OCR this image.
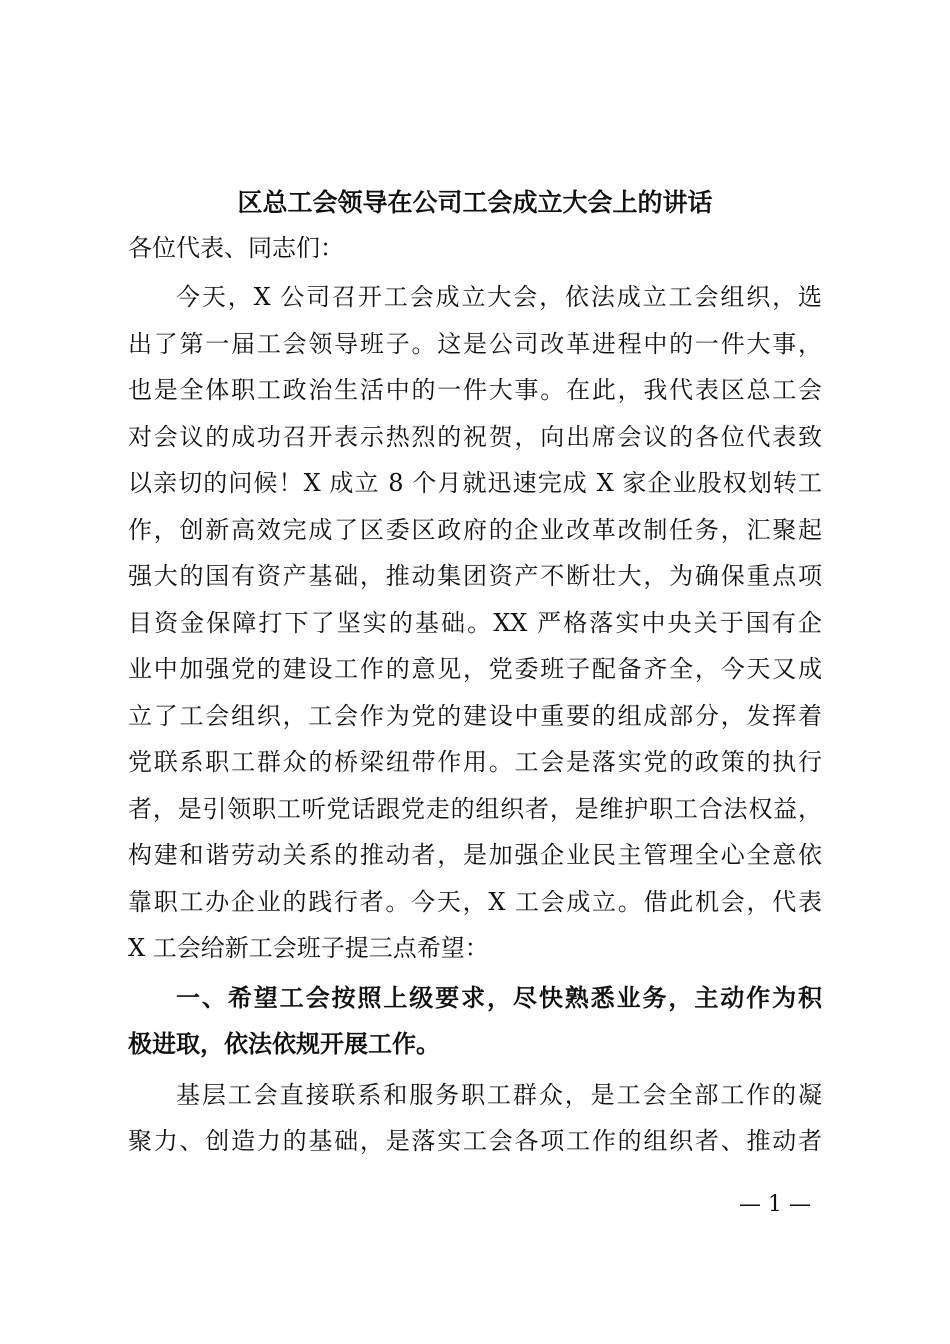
区总工会领导在公司工会成立大会上的讲话
各位代表、同志们：
今天，X 公司召开工会成立大会，依法成立工会组织，选
出了第一届工会领导班子。这是公司改革进程中的一件大事，
也是全体职工政治生活中的一件大事。在此，我代表区总工会
对会议的成功召开表示热烈的祝贺，向出席会议的各位代表致
以亲切的问候！X 成立 8 个月就迅速完成 X 家企业股权划转工
作，创新高效完成了区委区政府的企业改革改制任务，汇聚起
强大的国有资产基础，推动集团资产不断壮大，为确保重点项
目资金保障打下了坚实的基础。XX 严格落实中央关于国有企
业中加强党的建设工作的意见，党委班子配备齐全，今天又成
立了工会组织，工会作为党的建设中重要的组成部分，发挥着
党联系职工群众的桥梁纽带作用。工会是落实党的政策的执行
者，是引领职工听党话跟党走的组织者，是维护职工合法权益，
构建和谐劳动关系的推动者，是加强企业民主管理全心全意依
靠职工办企业的践行者。今天，X 工会成立。借此机会，代表
X 工会给新工会班子提三点希望：
一、希望工会按照上级要求，尽快熟悉业务，主动作为积
极进取，依法依规开展工作。
基层工会直接联系和服务职工群众，是工会全部工作的凝
聚力、创造力的基础，是落实工会各项工作的组织者、推动者
— 1 —
